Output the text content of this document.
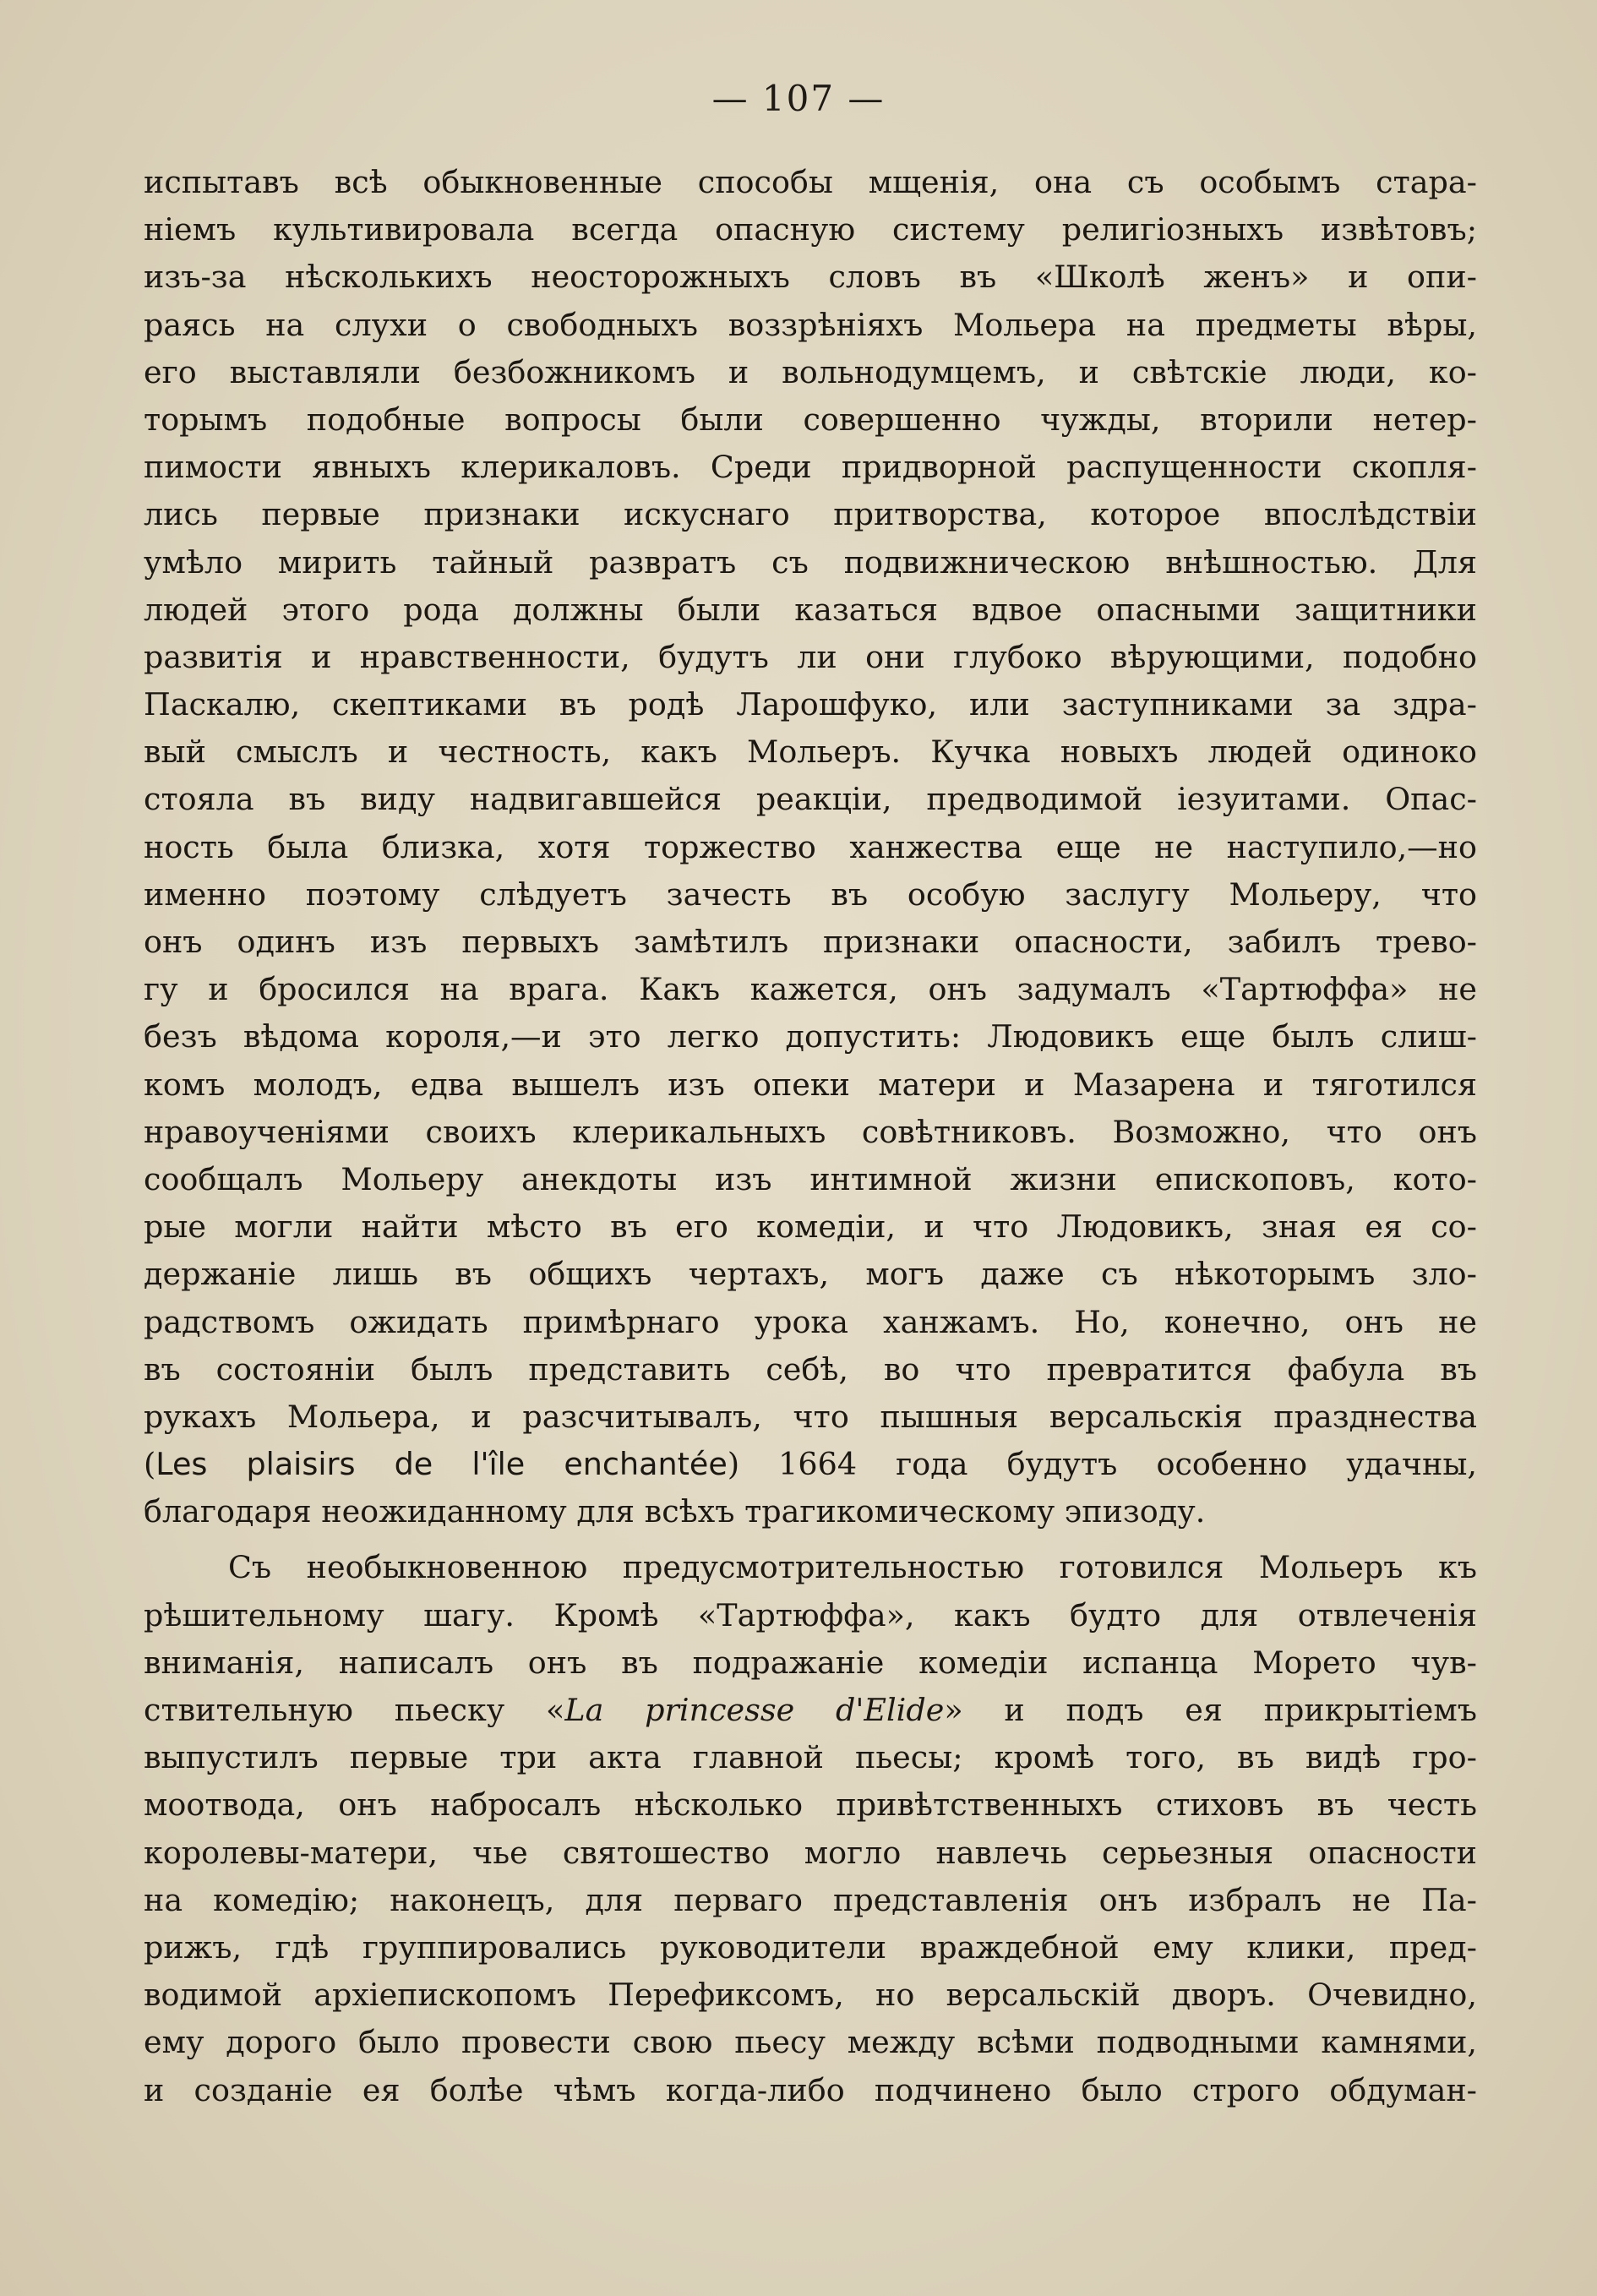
— 107 —
испытавъ всѣ обыкновенные способы мщенія, она съ особымъ стара-
ніемъ культивировала всегда опасную систему религіозныхъ извѣтовъ;
изъ-за нѣсколькихъ неосторожныхъ словъ въ «Школѣ женъ» и опи-
раясь на слухи о свободныхъ воззрѣніяхъ Мольера на предметы вѣры,
его выставляли безбожникомъ и вольнодумцемъ, и свѣтскіе люди, ко-
торымъ подобные вопросы были совершенно чужды, вторили нетер-
пимости явныхъ клерикаловъ. Среди придворной распущенности скопля-
лись первые признаки искуснаго притворства, которое впослѣдствіи
умѣло мирить тайный развратъ съ подвижническою внѣшностью. Для
людей этого рода должны были казаться вдвое опасными защитники
развитія и нравственности, будутъ ли они глубоко вѣрующими, подобно
Паскалю, скептиками въ родѣ Ларошфуко, или заступниками за здра-
вый смыслъ и честность, какъ Мольеръ. Кучка новыхъ людей одиноко
стояла въ виду надвигавшейся реакціи, предводимой іезуитами. Опас-
ность была близка, хотя торжество ханжества еще не наступило,—но
именно поэтому слѣдуетъ зачесть въ особую заслугу Мольеру, что
онъ одинъ изъ первыхъ замѣтилъ признаки опасности, забилъ трево-
гу и бросился на врага. Какъ кажется, онъ задумалъ «Тартюффа» не
безъ вѣдома короля,—и это легко допустить: Людовикъ еще былъ слиш-
комъ молодъ, едва вышелъ изъ опеки матери и Мазарена и тяготился
нравоученіями своихъ клерикальныхъ совѣтниковъ. Возможно, что онъ
сообщалъ Мольеру анекдоты изъ интимной жизни епископовъ, кото-
рые могли найти мѣсто въ его комедіи, и что Людовикъ, зная ея со-
держаніе лишь въ общихъ чертахъ, могъ даже съ нѣкоторымъ зло-
радствомъ ожидать примѣрнаго урока ханжамъ. Но, конечно, онъ не
въ состояніи былъ представить себѣ, во что превратится фабула въ
рукахъ Мольера, и разсчитывалъ, что пышныя версальскія празднества
(Les plaisirs de l'île enchantée) 1664 года будутъ особенно удачны,
благодаря неожиданному для всѣхъ трагикомическому эпизоду.
Съ необыкновенною предусмотрительностью готовился Мольеръ къ
рѣшительному шагу. Кромѣ «Тартюффа», какъ будто для отвлеченія
вниманія, написалъ онъ въ подражаніе комедіи испанца Морето чув-
ствительную пьеску «La princesse d'Elide» и подъ ея прикрытіемъ
выпустилъ первые три акта главной пьесы; кромѣ того, въ видѣ гро-
моотвода, онъ набросалъ нѣсколько привѣтственныхъ стиховъ въ честь
королевы-матери, чье святошество могло навлечь серьезныя опасности
на комедію; наконецъ, для перваго представленія онъ избралъ не Па-
рижъ, гдѣ группировались руководители враждебной ему клики, пред-
водимой архіепископомъ Перефиксомъ, но версальскій дворъ. Очевидно,
ему дорого было провести свою пьесу между всѣми подводными камнями,
и созданіе ея болѣе чѣмъ когда-либо подчинено было строго обдуман-
